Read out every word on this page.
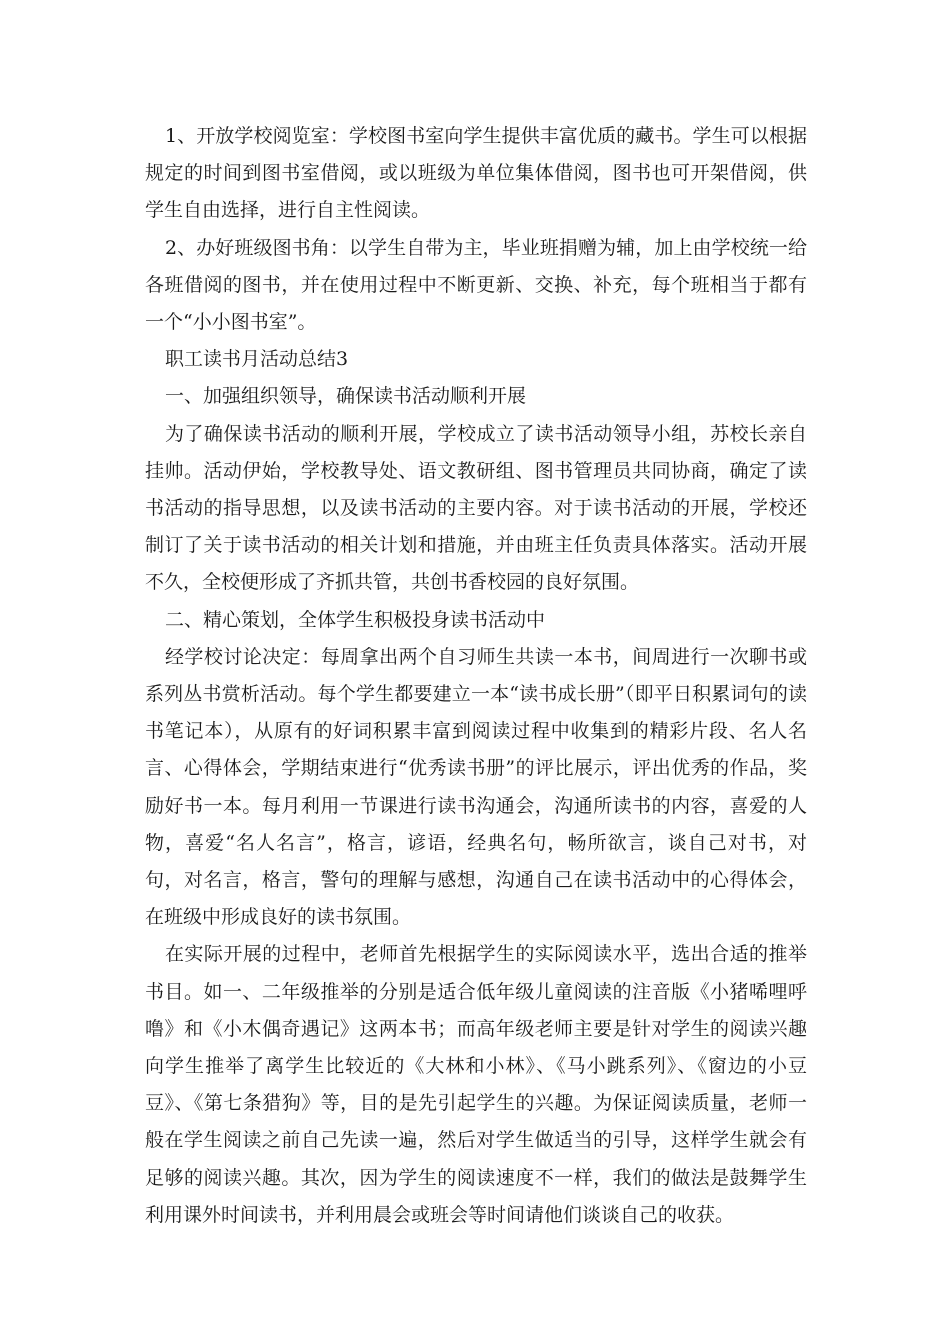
1、开放学校阅览室：学校图书室向学生提供丰富优质的藏书。学生可以根据规定的时间到图书室借阅，或以班级为单位集体借阅，图书也可开架借阅，供学生自由选择，进行自主性阅读。

2、办好班级图书角：以学生自带为主，毕业班捐赠为辅，加上由学校统一给各班借阅的图书，并在使用过程中不断更新、交换、补充，每个班相当于都有一个“小小图书室”。

职工读书月活动总结3

一、加强组织领导，确保读书活动顺利开展

为了确保读书活动的顺利开展，学校成立了读书活动领导小组，苏校长亲自挂帅。活动伊始，学校教导处、语文教研组、图书管理员共同协商，确定了读书活动的指导思想，以及读书活动的主要内容。对于读书活动的开展，学校还制订了关于读书活动的相关计划和措施，并由班主任负责具体落实。活动开展不久，全校便形成了齐抓共管，共创书香校园的良好氛围。

二、精心策划，全体学生积极投身读书活动中

经学校讨论决定：每周拿出两个自习师生共读一本书，间周进行一次聊书或系列丛书赏析活动。每个学生都要建立一本“读书成长册”（即平日积累词句的读书笔记本），从原有的好词积累丰富到阅读过程中收集到的精彩片段、名人名言、心得体会，学期结束进行“优秀读书册”的评比展示，评出优秀的作品，奖励好书一本。每月利用一节课进行读书沟通会，沟通所读书的内容，喜爱的人物，喜爱“名人名言”，格言，谚语，经典名句，畅所欲言，谈自己对书，对句，对名言，格言，警句的理解与感想，沟通自己在读书活动中的心得体会，在班级中形成良好的读书氛围。

在实际开展的过程中，老师首先根据学生的实际阅读水平，选出合适的推举书目。如一、二年级推举的分别是适合低年级儿童阅读的注音版《小猪唏哩呼噜》和《小木偶奇遇记》这两本书；而高年级老师主要是针对学生的阅读兴趣向学生推举了离学生比较近的《大林和小林》、《马小跳系列》、《窗边的小豆豆》、《第七条猎狗》等，目的是先引起学生的兴趣。为保证阅读质量，老师一般在学生阅读之前自己先读一遍，然后对学生做适当的引导，这样学生就会有足够的阅读兴趣。其次，因为学生的阅读速度不一样，我们的做法是鼓舞学生利用课外时间读书，并利用晨会或班会等时间请他们谈谈自己的收获。
